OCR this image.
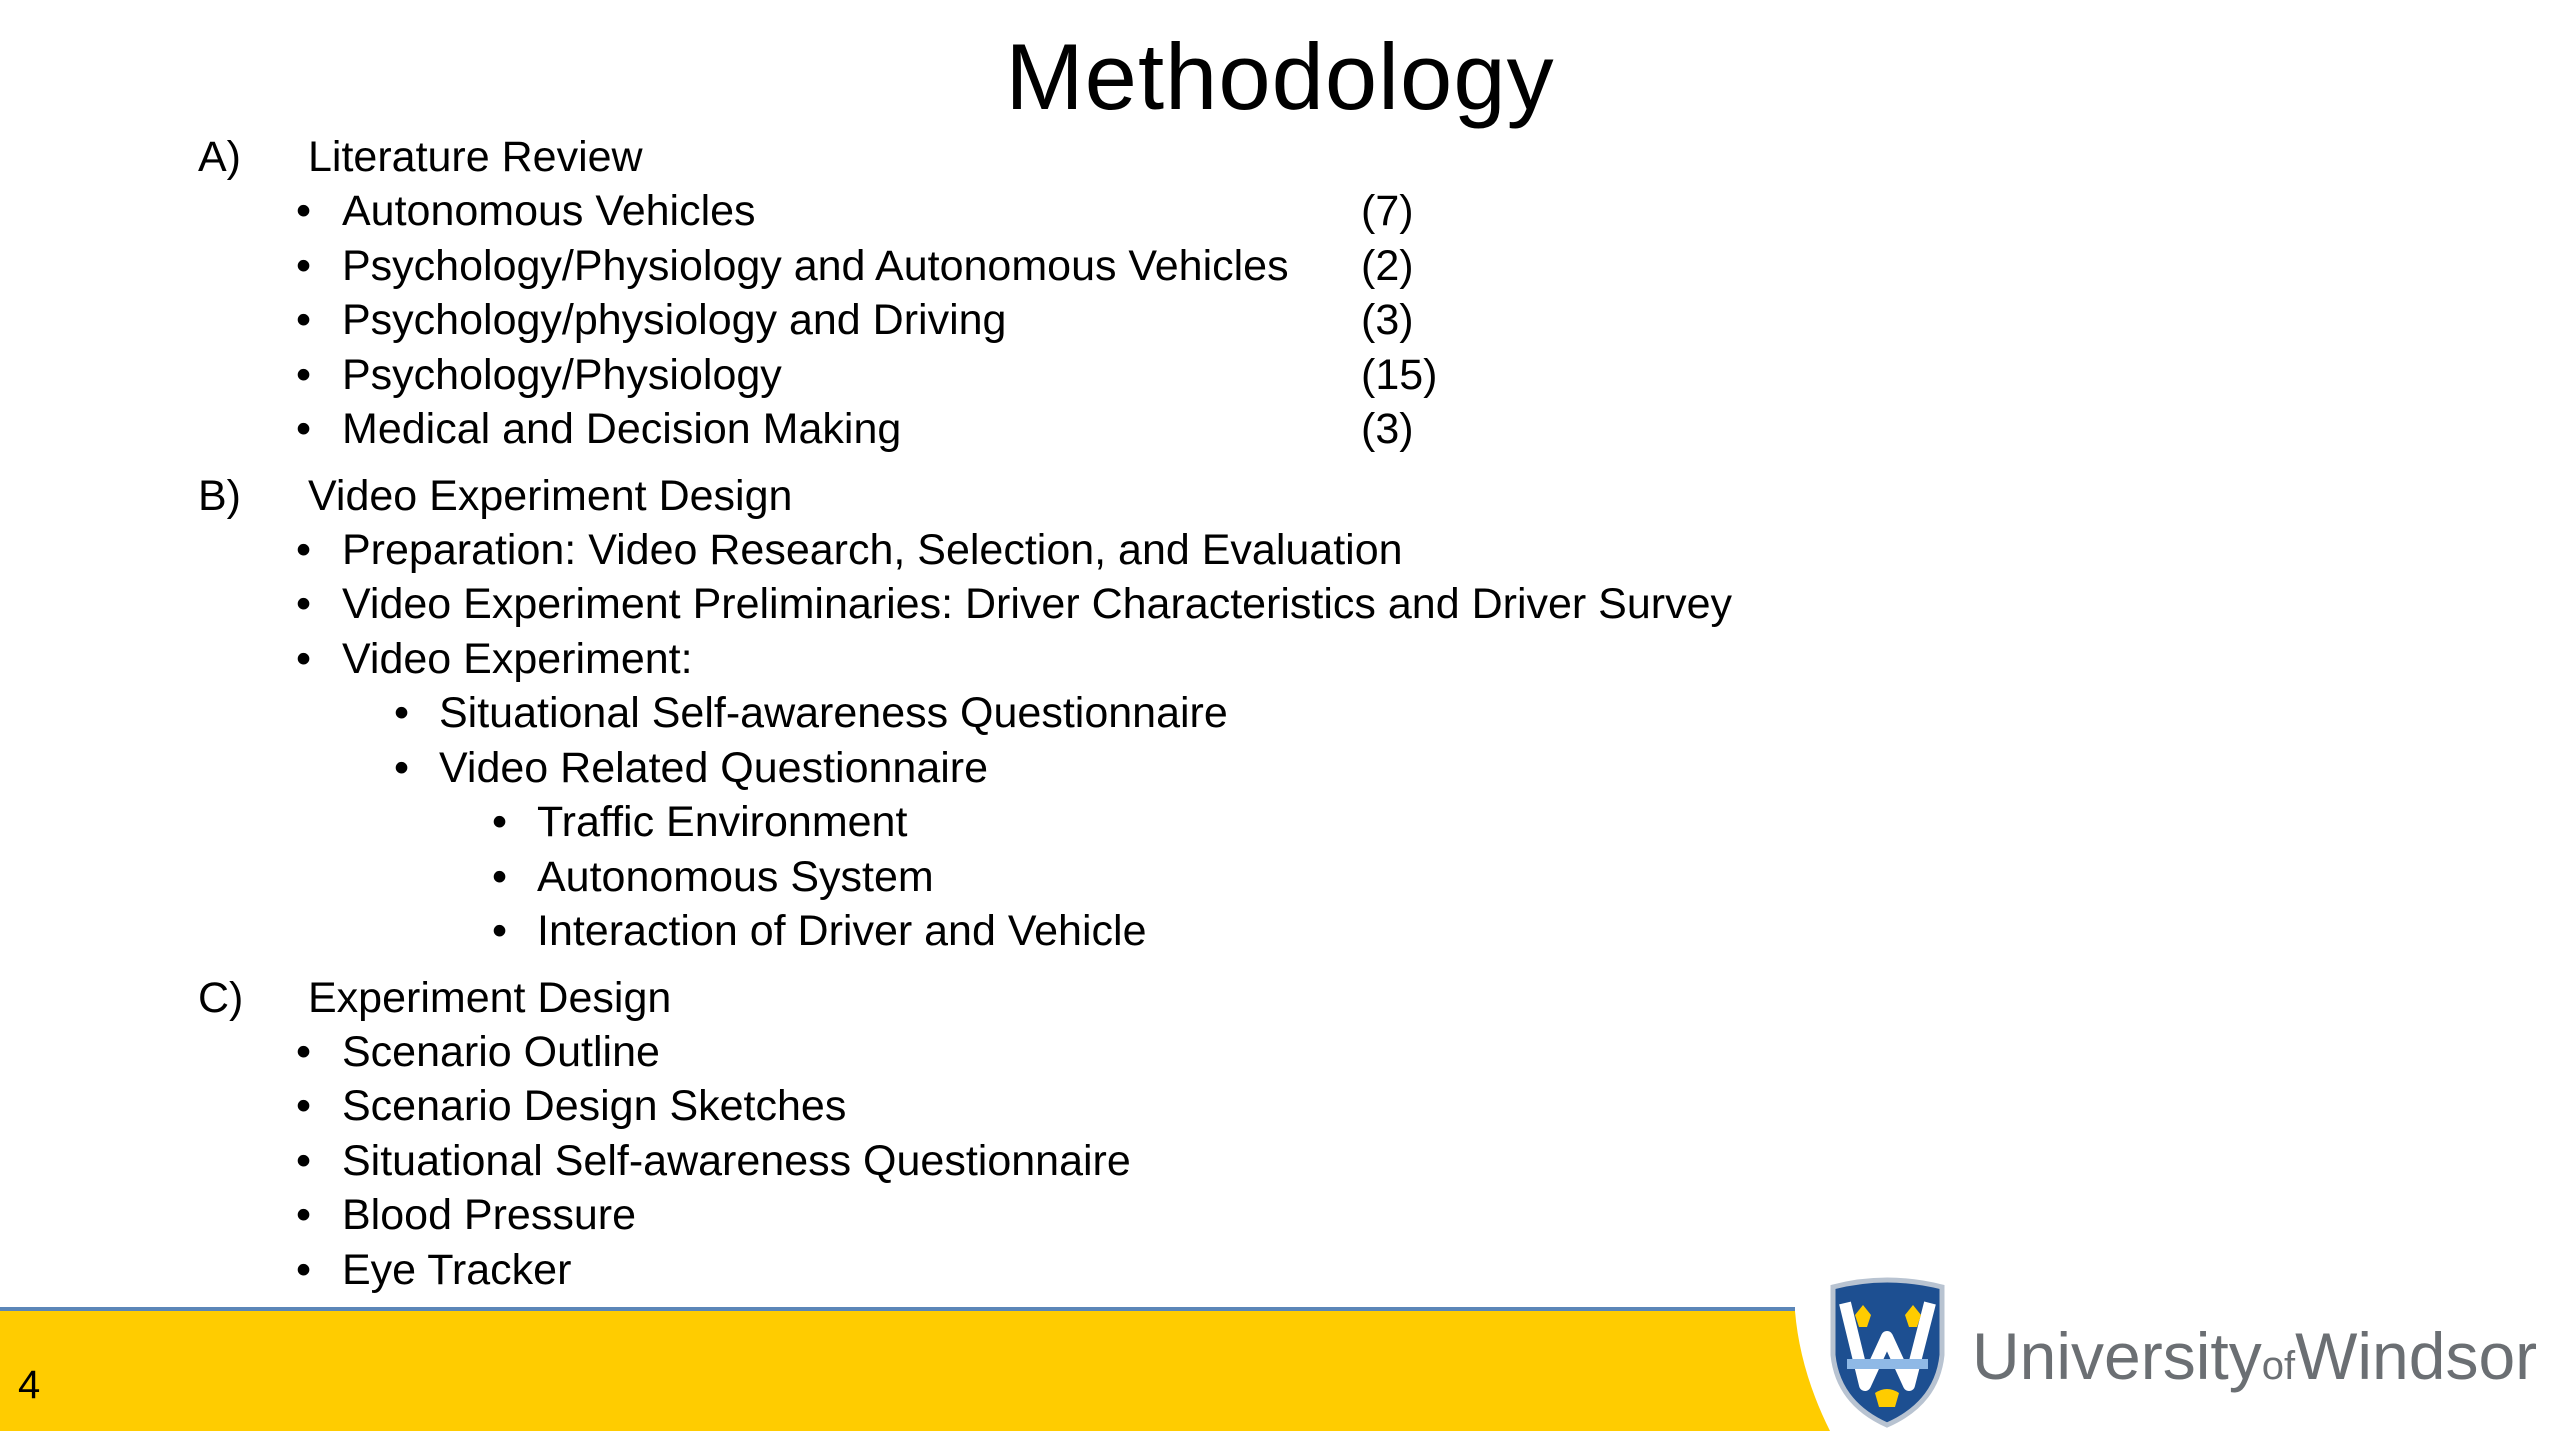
Methodology
A) Literature Review
• Autonomous Vehicles	(7)
• Psychology/Physiology and Autonomous Vehicles (2)
• Psychology/physiology and Driving	(3)
• Psychology/Physiology	(15)
• Medical and Decision Making	(3)
B) Video Experiment Design
• Preparation: Video Research, Selection, and Evaluation
• Video Experiment Preliminaries: Driver Characteristics and Driver Survey
• Video Experiment:
• Situational Self-awareness Questionnaire
• Video Related Questionnaire
• Traffic Environment
• Autonomous System
• Interaction of Driver and Vehicle
C) Experiment Design
• Scenario Outline
• Scenario Design Sketches
• Situational Self-awareness Questionnaire
• Blood Pressure
• Eye Tracker
4	UniversityofWindsor
